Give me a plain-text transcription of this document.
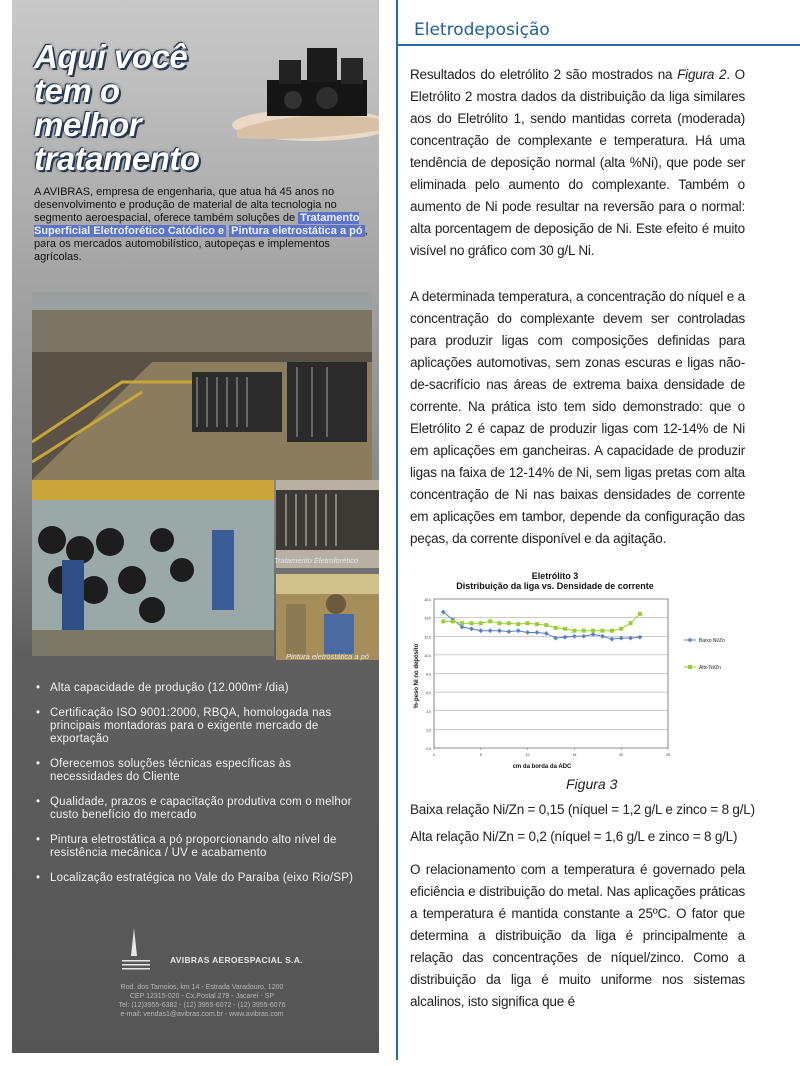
Aqui você
tem o
melhor
tratamento
A AVIBRAS, empresa de engenharia, que atua há 45 anos no desenvolvimento e produção de material de alta tecnologia no segmento aeroespacial, oferece também soluções de Tratamento Superficial Eletroforético Catódico e Pintura eletrostática a pó , para os mercados automobilístico, autopeças e implementos agrícolas.
Tratamento Eletroforético
Pintura eletrostática a pó
• Alta capacidade de produção (12.000m² /dia)
• Certificação ISO 9001:2000, RBQA, homologada nas principais montadoras para o exigente mercado de exportação
• Oferecemos soluções técnicas específicas às necessidades do Cliente
• Qualidade, prazos e capacitação produtiva com o melhor custo benefício do mercado
• Pintura eletrostática a pó proporcionando alto nível de resistência mecânica / UV e acabamento
• Localização estratégica no Vale do Paraíba (eixo Rio/SP)
AVIBRAS AEROESPACIAL S.A.
Rod. dos Tamoios, km 14 - Estrada Varadouro, 1200
CEP 12315-020 - Cx.Postal 278 - Jacareí - SP
Tel: (12)3955-6382 - (12) 3955-6072 - (12) 3955-6076
e-mail: vendas1@avibras.com.br - www.avibras.com
Eletrodeposição
Resultados do eletrólito 2 são mostrados na Figura 2. O Eletrólito 2 mostra dados da distribuição da liga similares aos do Eletrólito 1, sendo mantidas correta (moderada) concentração de complexante e temperatura. Há uma tendência de deposição normal (alta %Ni), que pode ser eliminada pelo aumento do complexante. Também o aumento de Ni pode resultar na reversão para o normal: alta porcentagem de deposição de Ni. Este efeito é muito visível no gráfico com 30 g/L Ni.
A determinada temperatura, a concentração do níquel e a concentração do complexante devem ser controladas para produzir ligas com composições definidas para aplicações automotivas, sem zonas escuras e ligas não-de-sacrifício nas áreas de extrema baixa densidade de corrente. Na prática isto tem sido demonstrado: que o Eletrólito 2 é capaz de produzir ligas com 12-14% de Ni em aplicações em gancheiras. A capacidade de produzir ligas na faixa de 12-14% de Ni, sem ligas pretas com alta concentração de Ni nas baixas densidades de corrente em aplicações em tambor, depende da configuração das peças, da corrente disponível e da agitação.
Eletrólito 3
Distribuição da liga vs. Densidade de corrente
0,0
2,0
4,0
6,0
8,0
10,0
12,0
14,0
16,0
0	5	10	15	20	25
Baixo Ni/Zn
Alto Ni/Zn
cm da borda da ADC
%-peso Ni no depósito
Figura 3
Baixa relação Ni/Zn = 0,15 (níquel = 1,2 g/L e zinco = 8 g/L)
Alta relação Ni/Zn = 0,2 (níquel = 1,6 g/L e zinco = 8 g/L)
O relacionamento com a temperatura é governado pela eficiência e distribuição do metal. Nas aplicações práticas a temperatura é mantida constante a 25ºC. O fator que determina a distribuição da liga é principalmente a relação das concentrações de níquel/zinco. Como a distribuição da liga é muito uniforme nos sistemas alcalinos, isto significa que é
